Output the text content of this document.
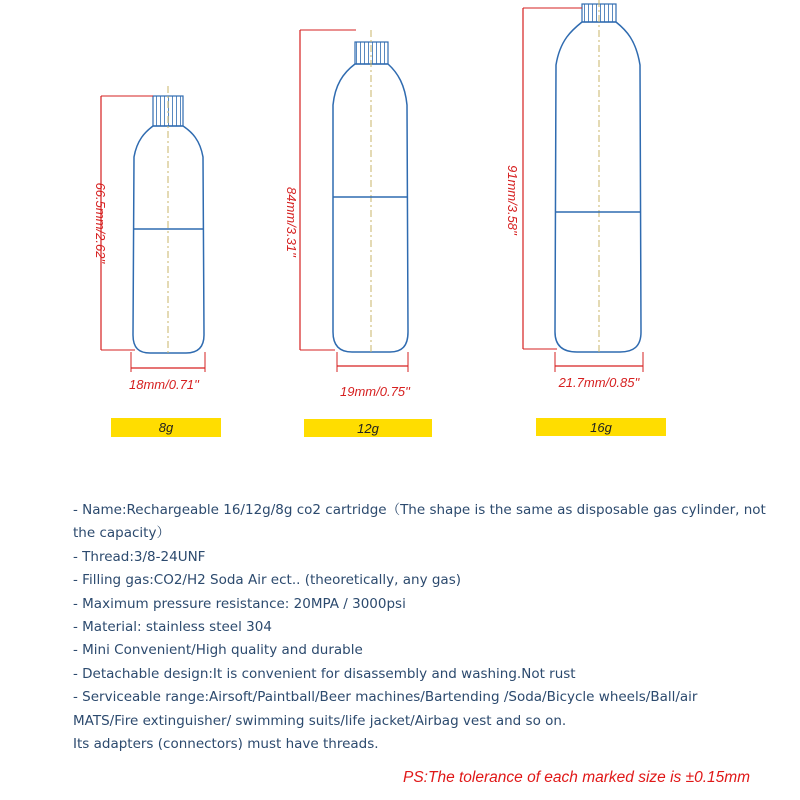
66.5mm/2.62''
18mm/0.71''
8g
84mm/3.31''
19mm/0.75''
12g
91mm/3.58''
21.7mm/0.85''
16g
- Name:Rechargeable 16/12g/8g co2 cartridge（The shape is the same as disposable gas cylinder, not
the capacity）
- Thread:3/8-24UNF
- Filling gas:CO2/H2 Soda Air ect.. (theoretically, any gas)
- Maximum pressure resistance: 20MPA / 3000psi
- Material: stainless steel 304
- Mini Convenient/High quality and durable
- Detachable design:It is convenient for disassembly and washing.Not rust
- Serviceable range:Airsoft/Paintball/Beer machines/Bartending /Soda/Bicycle wheels/Ball/air
MATS/Fire extinguisher/ swimming suits/life jacket/Airbag vest and so on.
Its adapters (connectors) must have threads.
PS:The tolerance of each marked size is ±0.15mm
